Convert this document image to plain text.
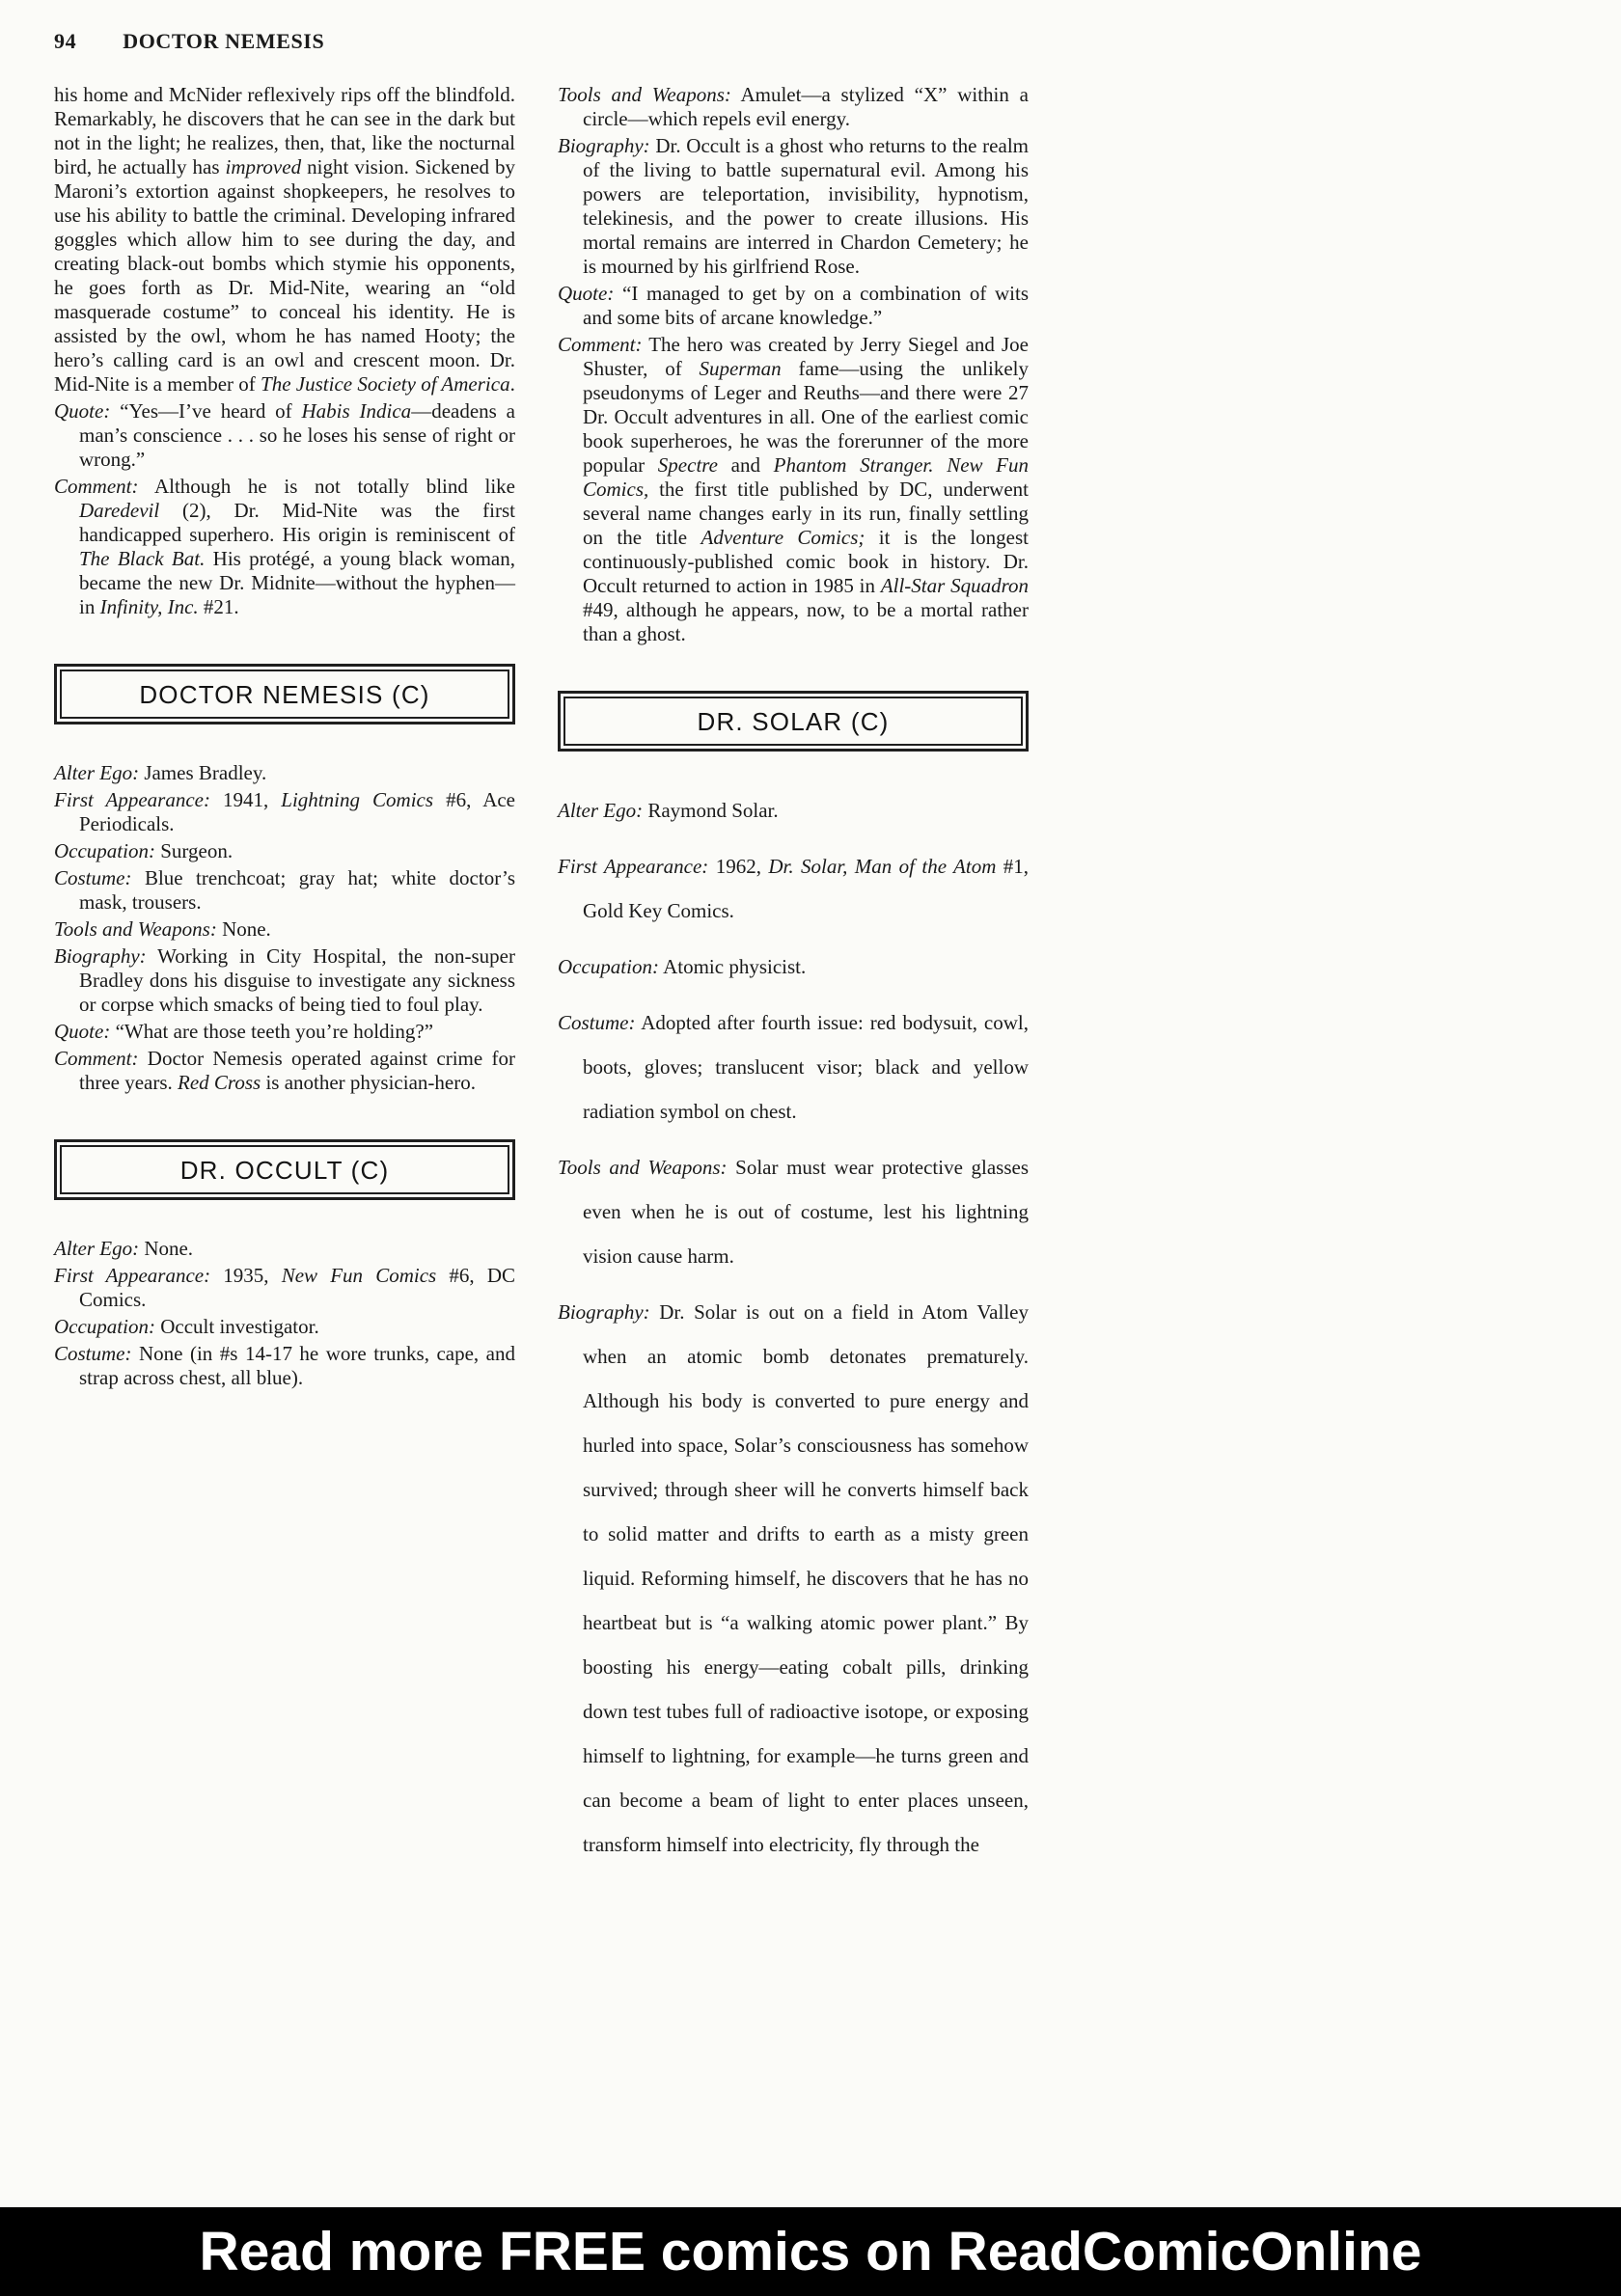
94 DOCTOR NEMESIS

his home and McNider reflexively rips off the blindfold. Remarkably, he discovers that he can see in the dark but not in the light; he realizes, then, that, like the nocturnal bird, he actually has improved night vision. Sickened by Maroni’s extortion against shopkeepers, he resolves to use his ability to battle the criminal. Developing infrared goggles which allow him to see during the day, and creating black-out bombs which stymie his opponents, he goes forth as Dr. Mid-Nite, wearing an “old masquerade costume” to conceal his identity. He is assisted by the owl, whom he has named Hooty; the hero’s calling card is an owl and crescent moon. Dr. Mid-Nite is a member of The Justice Society of America.

Quote: “Yes—I’ve heard of Habis Indica—deadens a man’s conscience . . . so he loses his sense of right or wrong.”

Comment: Although he is not totally blind like Daredevil (2), Dr. Mid-Nite was the first handicapped superhero. His origin is reminiscent of The Black Bat. His protégé, a young black woman, became the new Dr. Midnite—without the hyphen—in Infinity, Inc. #21.

DOCTOR NEMESIS (C)

Alter Ego: James Bradley.

First Appearance: 1941, Lightning Comics #6, Ace Periodicals.

Occupation: Surgeon.

Costume: Blue trenchcoat; gray hat; white doctor’s mask, trousers.

Tools and Weapons: None.

Biography: Working in City Hospital, the non-super Bradley dons his disguise to investigate any sickness or corpse which smacks of being tied to foul play.

Quote: “What are those teeth you’re holding?”

Comment: Doctor Nemesis operated against crime for three years. Red Cross is another physician-hero.

DR. OCCULT (C)

Alter Ego: None.

First Appearance: 1935, New Fun Comics #6, DC Comics.

Occupation: Occult investigator.

Costume: None (in #s 14-17 he wore trunks, cape, and strap across chest, all blue).

Tools and Weapons: Amulet—a stylized “X” within a circle—which repels evil energy.

Biography: Dr. Occult is a ghost who returns to the realm of the living to battle supernatural evil. Among his powers are teleportation, invisibility, hypnotism, telekinesis, and the power to create illusions. His mortal remains are interred in Chardon Cemetery; he is mourned by his girlfriend Rose.

Quote: “I managed to get by on a combination of wits and some bits of arcane knowledge.”

Comment: The hero was created by Jerry Siegel and Joe Shuster, of Superman fame—using the unlikely pseudonyms of Leger and Reuths—and there were 27 Dr. Occult adventures in all. One of the earliest comic book superheroes, he was the forerunner of the more popular Spectre and Phantom Stranger. New Fun Comics, the first title published by DC, underwent several name changes early in its run, finally settling on the title Adventure Comics; it is the longest continuously-published comic book in history. Dr. Occult returned to action in 1985 in All-Star Squadron #49, although he appears, now, to be a mortal rather than a ghost.

DR. SOLAR (C)

Alter Ego: Raymond Solar.

First Appearance: 1962, Dr. Solar, Man of the Atom #1, Gold Key Comics.

Occupation: Atomic physicist.

Costume: Adopted after fourth issue: red bodysuit, cowl, boots, gloves; translucent visor; black and yellow radiation symbol on chest.

Tools and Weapons: Solar must wear protective glasses even when he is out of costume, lest his lightning vision cause harm.

Biography: Dr. Solar is out on a field in Atom Valley when an atomic bomb detonates prematurely. Although his body is converted to pure energy and hurled into space, Solar’s consciousness has somehow survived; through sheer will he converts himself back to solid matter and drifts to earth as a misty green liquid. Reforming himself, he discovers that he has no heartbeat but is “a walking atomic power plant.” By boosting his energy—eating cobalt pills, drinking down test tubes full of radioactive isotope, or exposing himself to lightning, for example—he turns green and can become a beam of light to enter places unseen, transform himself into electricity, fly through the

Read more FREE comics on ReadComicOnline
